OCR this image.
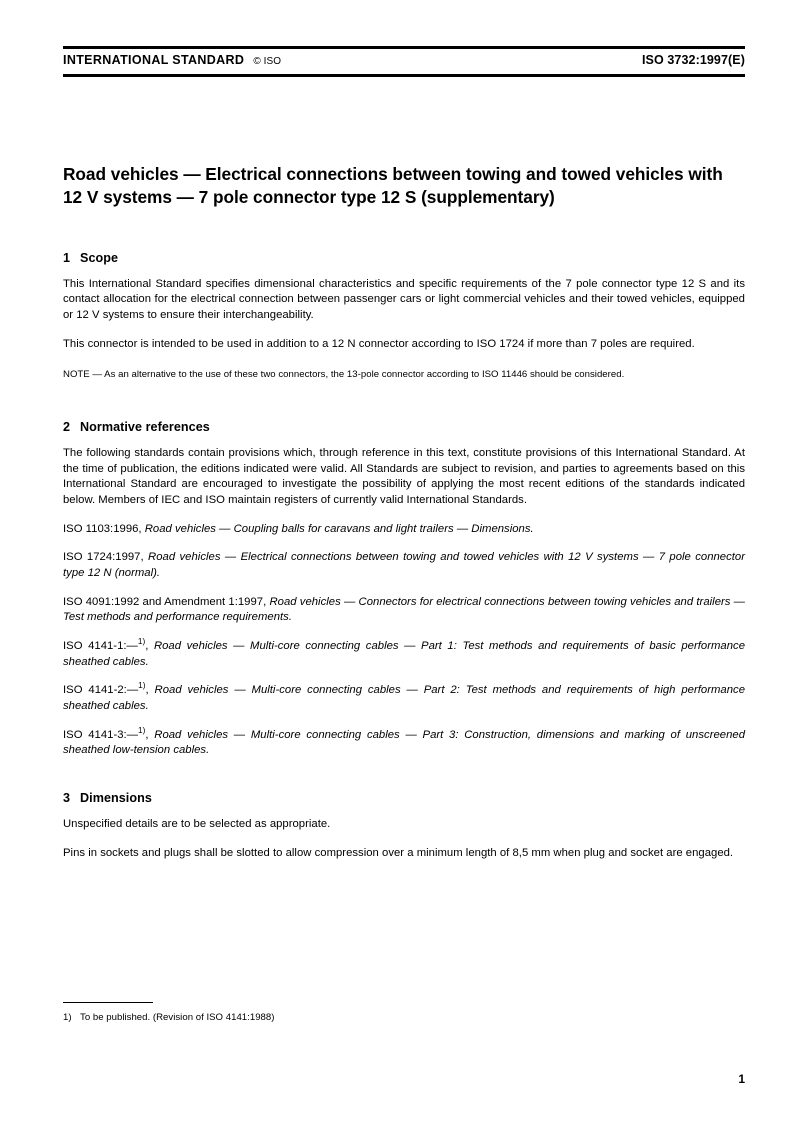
INTERNATIONAL STANDARD © ISO	ISO 3732:1997(E)
Road vehicles — Electrical connections between towing and towed vehicles with 12 V systems — 7 pole connector type 12 S (supplementary)
1 Scope

This International Standard specifies dimensional characteristics and specific requirements of the 7 pole connector type 12 S and its contact allocation for the electrical connection between passenger cars or light commercial vehicles and their towed vehicles, equipped or 12 V systems to ensure their interchangeability.

This connector is intended to be used in addition to a 12 N connector according to ISO 1724 if more than 7 poles are required.

NOTE — As an alternative to the use of these two connectors, the 13-pole connector according to ISO 11446 should be considered.

2 Normative references

The following standards contain provisions which, through reference in this text, constitute provisions of this International Standard. At the time of publication, the editions indicated were valid. All Standards are subject to revision, and parties to agreements based on this International Standard are encouraged to investigate the possibility of applying the most recent editions of the standards indicated below. Members of IEC and ISO maintain registers of currently valid International Standards.

ISO 1103:1996, Road vehicles — Coupling balls for caravans and light trailers — Dimensions.

ISO 1724:1997, Road vehicles — Electrical connections between towing and towed vehicles with 12 V systems — 7 pole connector type 12 N (normal).

ISO 4091:1992 and Amendment 1:1997, Road vehicles — Connectors for electrical connections between towing vehicles and trailers — Test methods and performance requirements.

ISO 4141-1:—$^{1)}$, Road vehicles — Multi-core connecting cables — Part 1: Test methods and requirements of basic performance sheathed cables.

ISO 4141-2:—$^{1)}$, Road vehicles — Multi-core connecting cables — Part 2: Test methods and requirements of high performance sheathed cables.

ISO 4141-3:—$^{1)}$, Road vehicles — Multi-core connecting cables — Part 3: Construction, dimensions and marking of unscreened sheathed low-tension cables.

3 Dimensions

Unspecified details are to be selected as appropriate.

Pins in sockets and plugs shall be slotted to allow compression over a minimum length of 8,5 mm when plug and socket are engaged.

1) To be published. (Revision of ISO 4141:1988)

1
